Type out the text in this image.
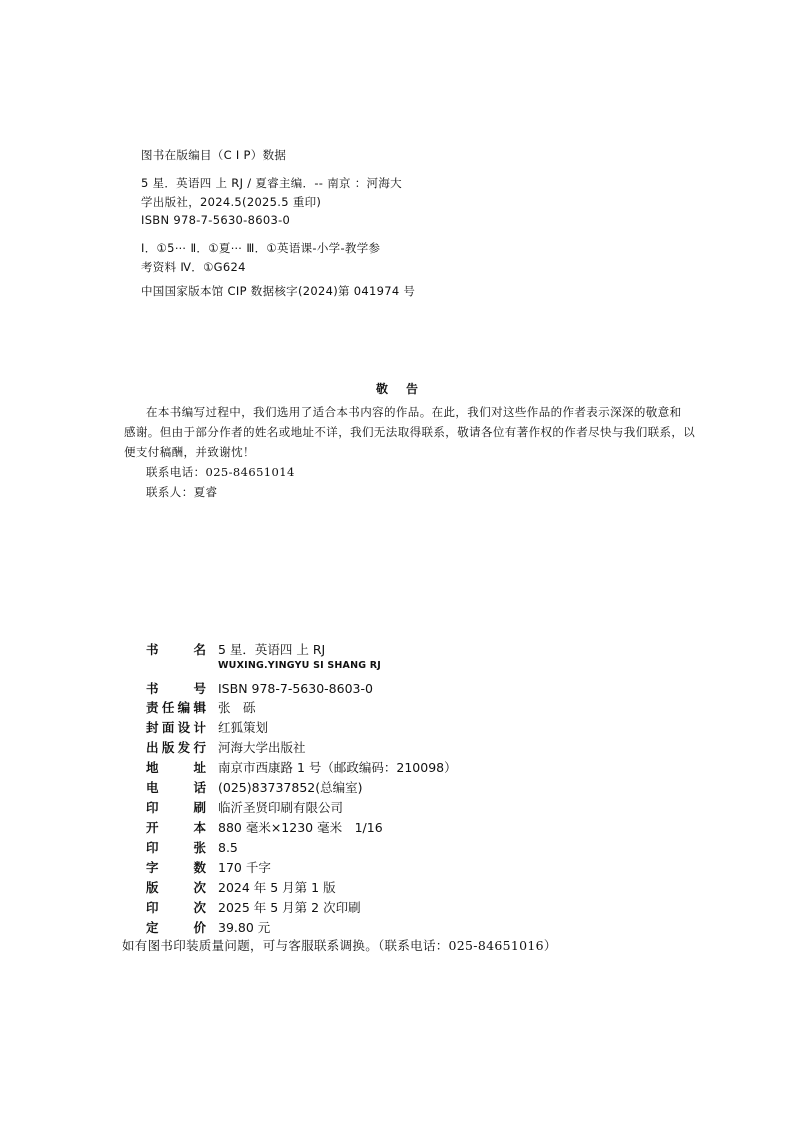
图书在版编目（C I P）数据
5 星．英语四 上 RJ / 夏睿主编．-- 南京 ：河海大
学出版社，2024.5(2025.5 重印)
ISBN 978-7-5630-8603-0
Ⅰ．①5⋯ Ⅱ．①夏⋯ Ⅲ．①英语课-小学-教学参
考资料 Ⅳ．①G624
中国国家版本馆 CIP 数据核字(2024)第 041974 号
敬告
在本书编写过程中，我们选用了适合本书内容的作品。在此，我们对这些作品的作者表示深深的敬意和
感谢。但由于部分作者的姓名或地址不详，我们无法取得联系，敬请各位有著作权的作者尽快与我们联系，以
便支付稿酬，并致谢忱！
联系电话：025-84651014
联系人：夏睿
书	名 5 星．英语四 上 RJ
书	号 ISBN 978-7-5630-8603-0
责 任 编 辑 张　砾
封 面 设 计 红狐策划
出 版 发 行 河海大学出版社
地	址 南京市西康路 1 号（邮政编码：210098）
电	话 (025)83737852(总编室)
印	刷 临沂圣贤印刷有限公司
开	本 880 毫米×1230 毫米　1/16
印	张 8.5
字	数 170 千字
版	次 2024 年 5 月第 1 版
印	次 2025 年 5 月第 2 次印刷
定	价 39.80 元
WUXING.YINGYU SI SHANG RJ
如有图书印装质量问题，可与客服联系调换。（联系电话：025-84651016）
